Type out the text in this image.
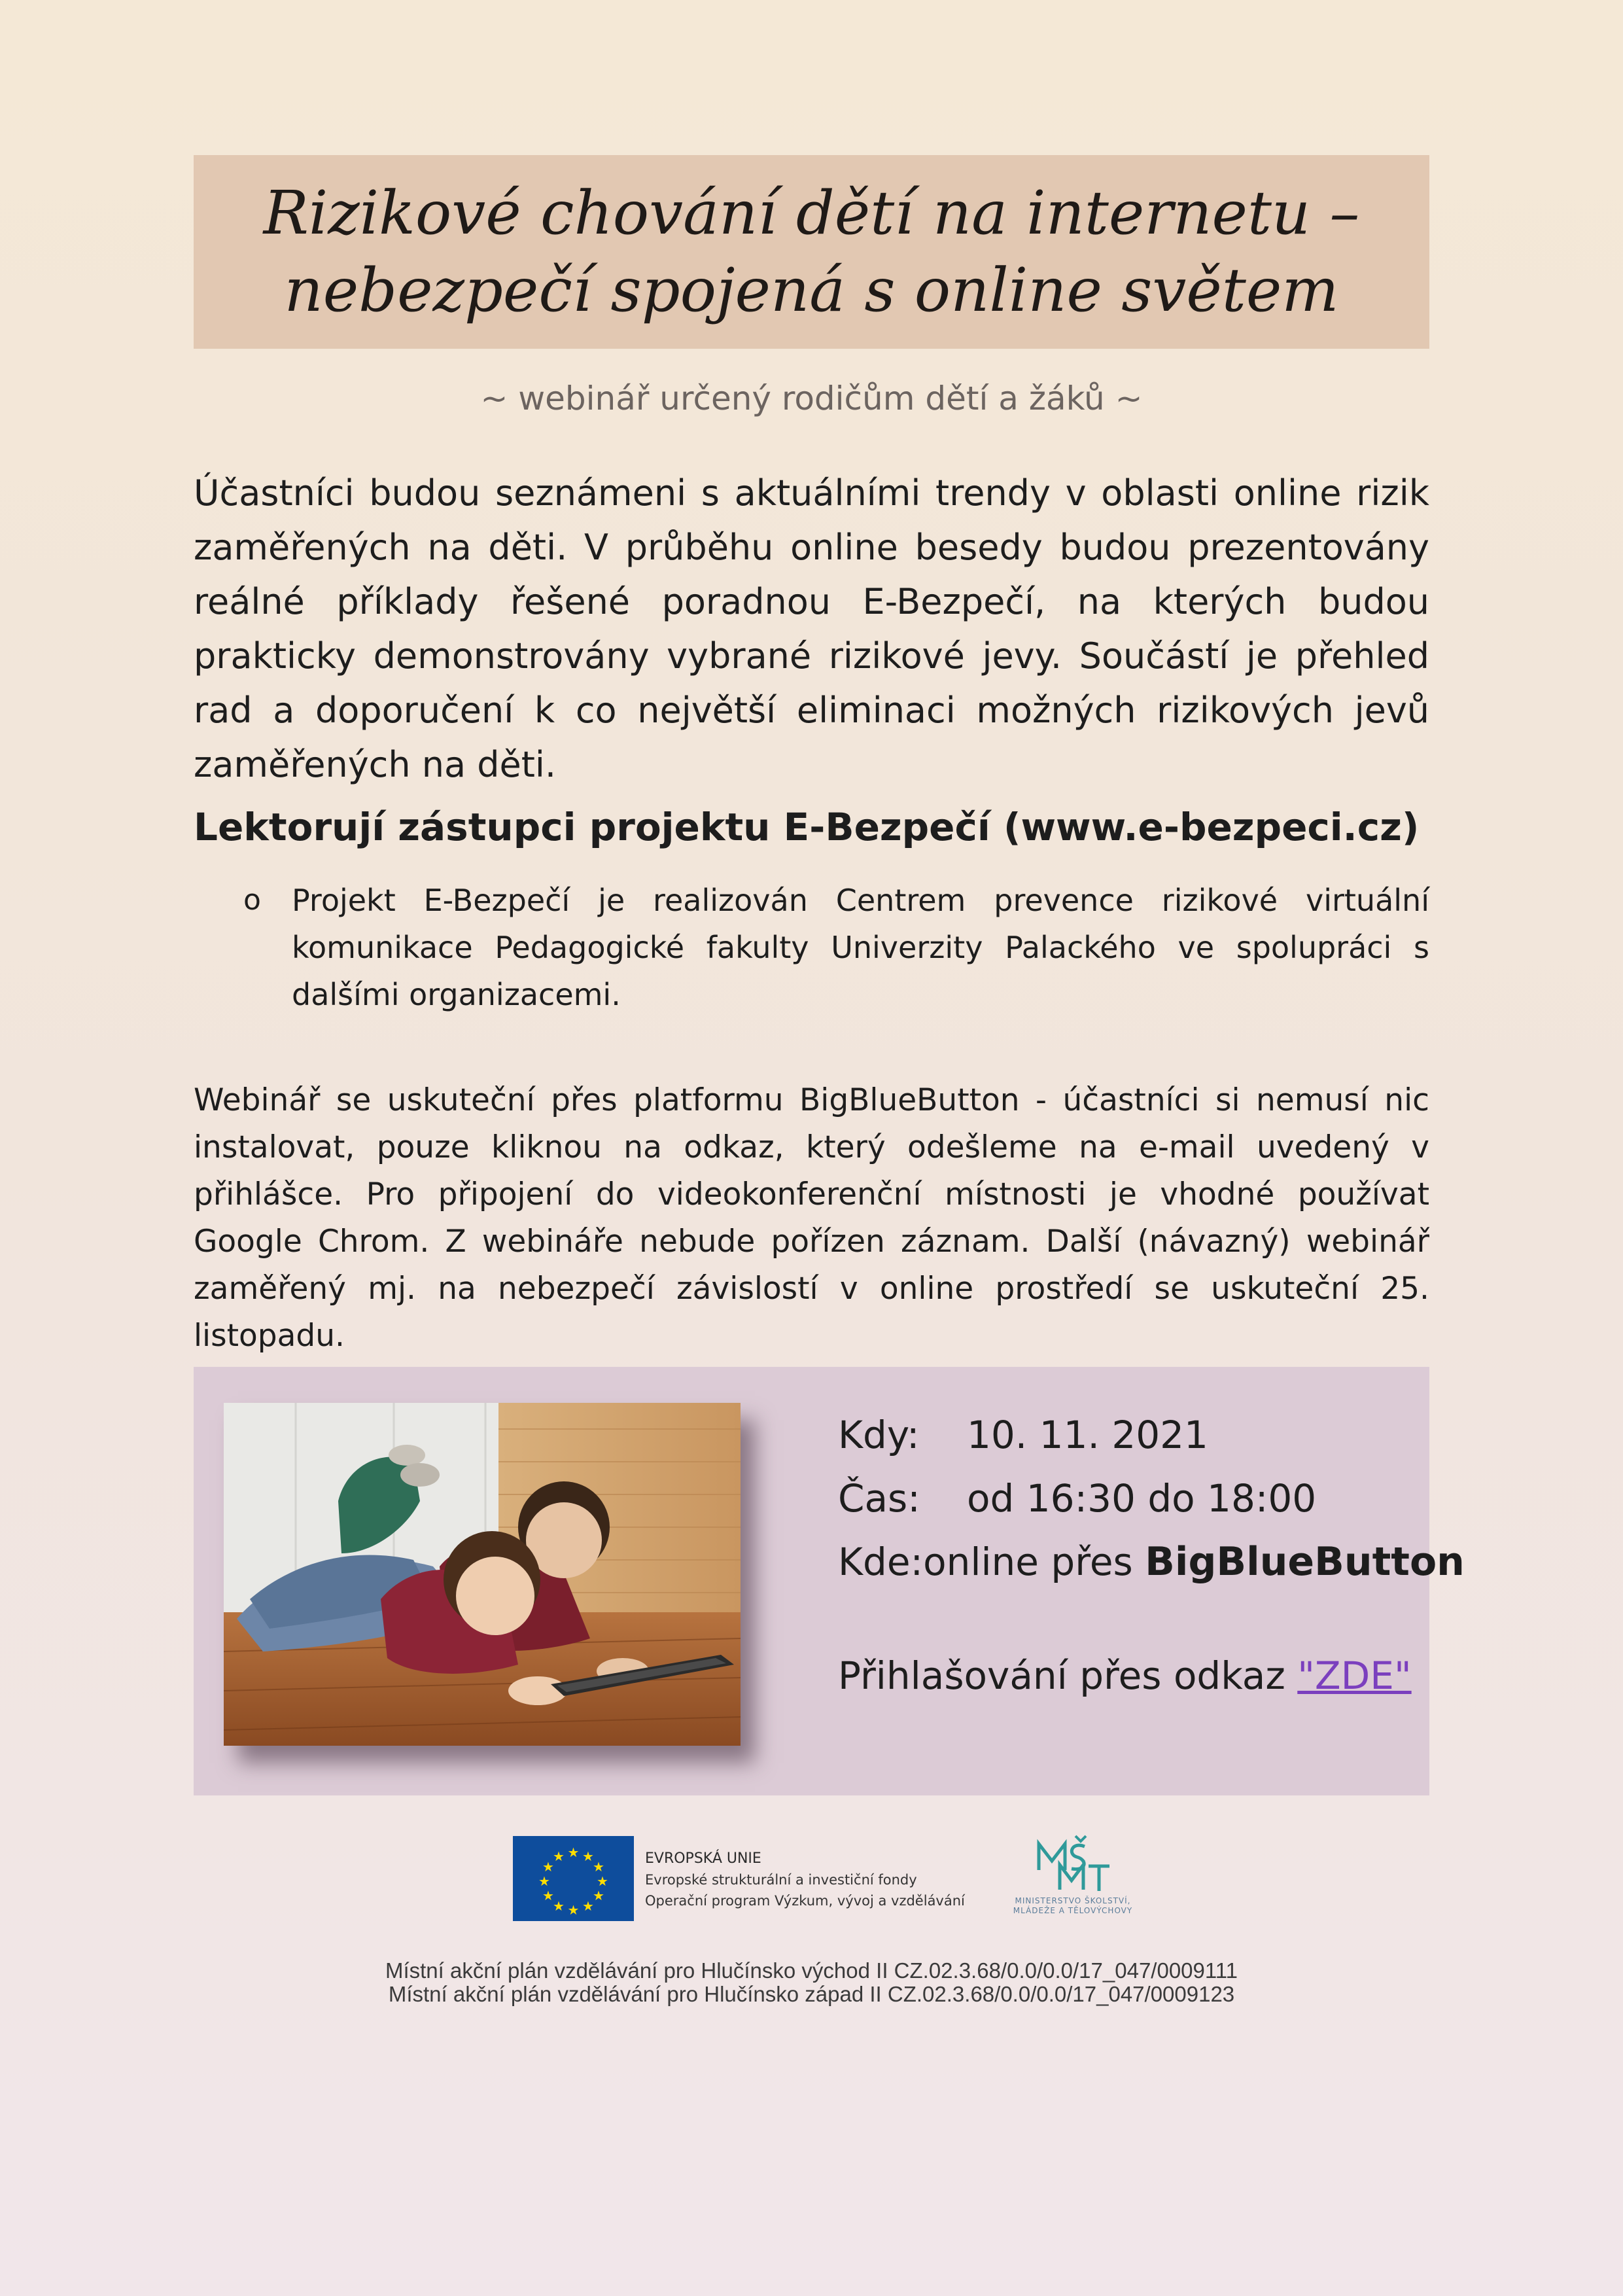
Rizikové chování dětí na internetu –
nebezpečí spojená s online světem
~ webinář určený rodičům dětí a žáků ~

Účastníci budou seznámeni s aktuálními trendy v oblasti online rizik zaměřených na děti. V průběhu online besedy budou prezentovány reálné příklady řešené poradnou E-Bezpečí, na kterých budou prakticky demonstrovány vybrané rizikové jevy. Součástí je přehled rad a doporučení k co největší eliminaci možných rizikových jevů zaměřených na děti.

Lektorují zástupci projektu E-Bezpečí (www.e-bezpeci.cz)
o	Projekt E-Bezpečí je realizován Centrem prevence rizikové virtuální komunikace Pedagogické fakulty Univerzity Palackého ve spolupráci s dalšími organizacemi.

Webinář se uskuteční přes platformu BigBlueButton - účastníci si nemusí nic instalovat, pouze kliknou na odkaz, který odešleme na e-mail uvedený v přihlášce. Pro připojení do videokonferenční místnosti je vhodné používat Google Chrom. Z webináře nebude pořízen záznam. Další (návazný) webinář zaměřený mj. na nebezpečí závislostí v online prostředí se uskuteční 25. listopadu.

Kdy:	10. 11. 2021
Čas:	od 16:30 do 18:00
Kde: online přes BigBlueButton
Přihlašování přes odkaz "ZDE"
★ ★
★
★
★
★
★
★
★
★
★
★	EVROPSKÁ UNIE
Evropské strukturální a investiční fondy
Operační program Výzkum, vývoj a vzdělávání	MINISTERSTVO ŠKOLSTVÍ,
MLÁDEŽE A TĚLOVÝCHOVY
Místní akční plán vzdělávání pro Hlučínsko východ II CZ.02.3.68/0.0/0.0/17_047/0009111
Místní akční plán vzdělávání pro Hlučínsko západ II CZ.02.3.68/0.0/0.0/17_047/0009123
